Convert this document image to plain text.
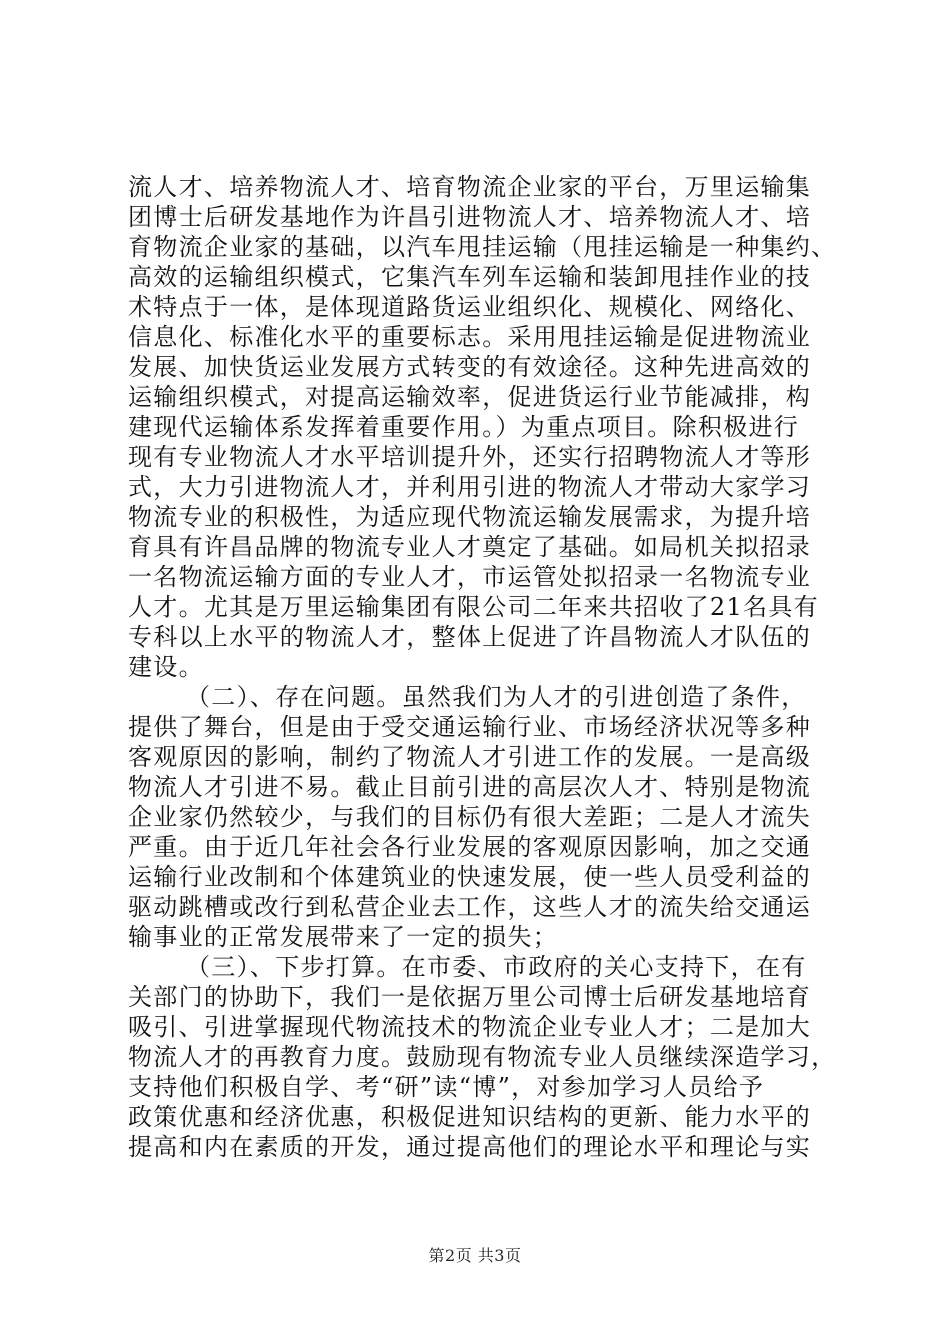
流人才、培养物流人才、培育物流企业家的平台，万里运输集
团博士后研发基地作为许昌引进物流人才、培养物流人才、培
育物流企业家的基础，以汽车甩挂运输（甩挂运输是一种集约、
高效的运输组织模式，它集汽车列车运输和装卸甩挂作业的技
术特点于一体，是体现道路货运业组织化、规模化、网络化、
信息化、标准化水平的重要标志。采用甩挂运输是促进物流业
发展、加快货运业发展方式转变的有效途径。这种先进高效的
运输组织模式，对提高运输效率，促进货运行业节能减排，构
建现代运输体系发挥着重要作用。）为重点项目。除积极进行
现有专业物流人才水平培训提升外，还实行招聘物流人才等形
式，大力引进物流人才，并利用引进的物流人才带动大家学习
物流专业的积极性，为适应现代物流运输发展需求，为提升培
育具有许昌品牌的物流专业人才奠定了基础。如局机关拟招录
一名物流运输方面的专业人才，市运管处拟招录一名物流专业
人才。尤其是万里运输集团有限公司二年来共招收了21名具有
专科以上水平的物流人才，整体上促进了许昌物流人才队伍的
建设。
（二）、存在问题。虽然我们为人才的引进创造了条件，
提供了舞台，但是由于受交通运输行业、市场经济状况等多种
客观原因的影响，制约了物流人才引进工作的发展。一是高级
物流人才引进不易。截止目前引进的高层次人才、特别是物流
企业家仍然较少，与我们的目标仍有很大差距；二是人才流失
严重。由于近几年社会各行业发展的客观原因影响，加之交通
运输行业改制和个体建筑业的快速发展，使一些人员受利益的
驱动跳槽或改行到私营企业去工作，这些人才的流失给交通运
输事业的正常发展带来了一定的损失；
（三）、下步打算。在市委、市政府的关心支持下，在有
关部门的协助下，我们一是依据万里公司博士后研发基地培育
吸引、引进掌握现代物流技术的物流企业专业人才；二是加大
物流人才的再教育力度。鼓励现有物流专业人员继续深造学习，
支持他们积极自学、考“研”读“博”，对参加学习人员给予
政策优惠和经济优惠，积极促进知识结构的更新、能力水平的
提高和内在素质的开发，通过提高他们的理论水平和理论与实
第2页 共3页
